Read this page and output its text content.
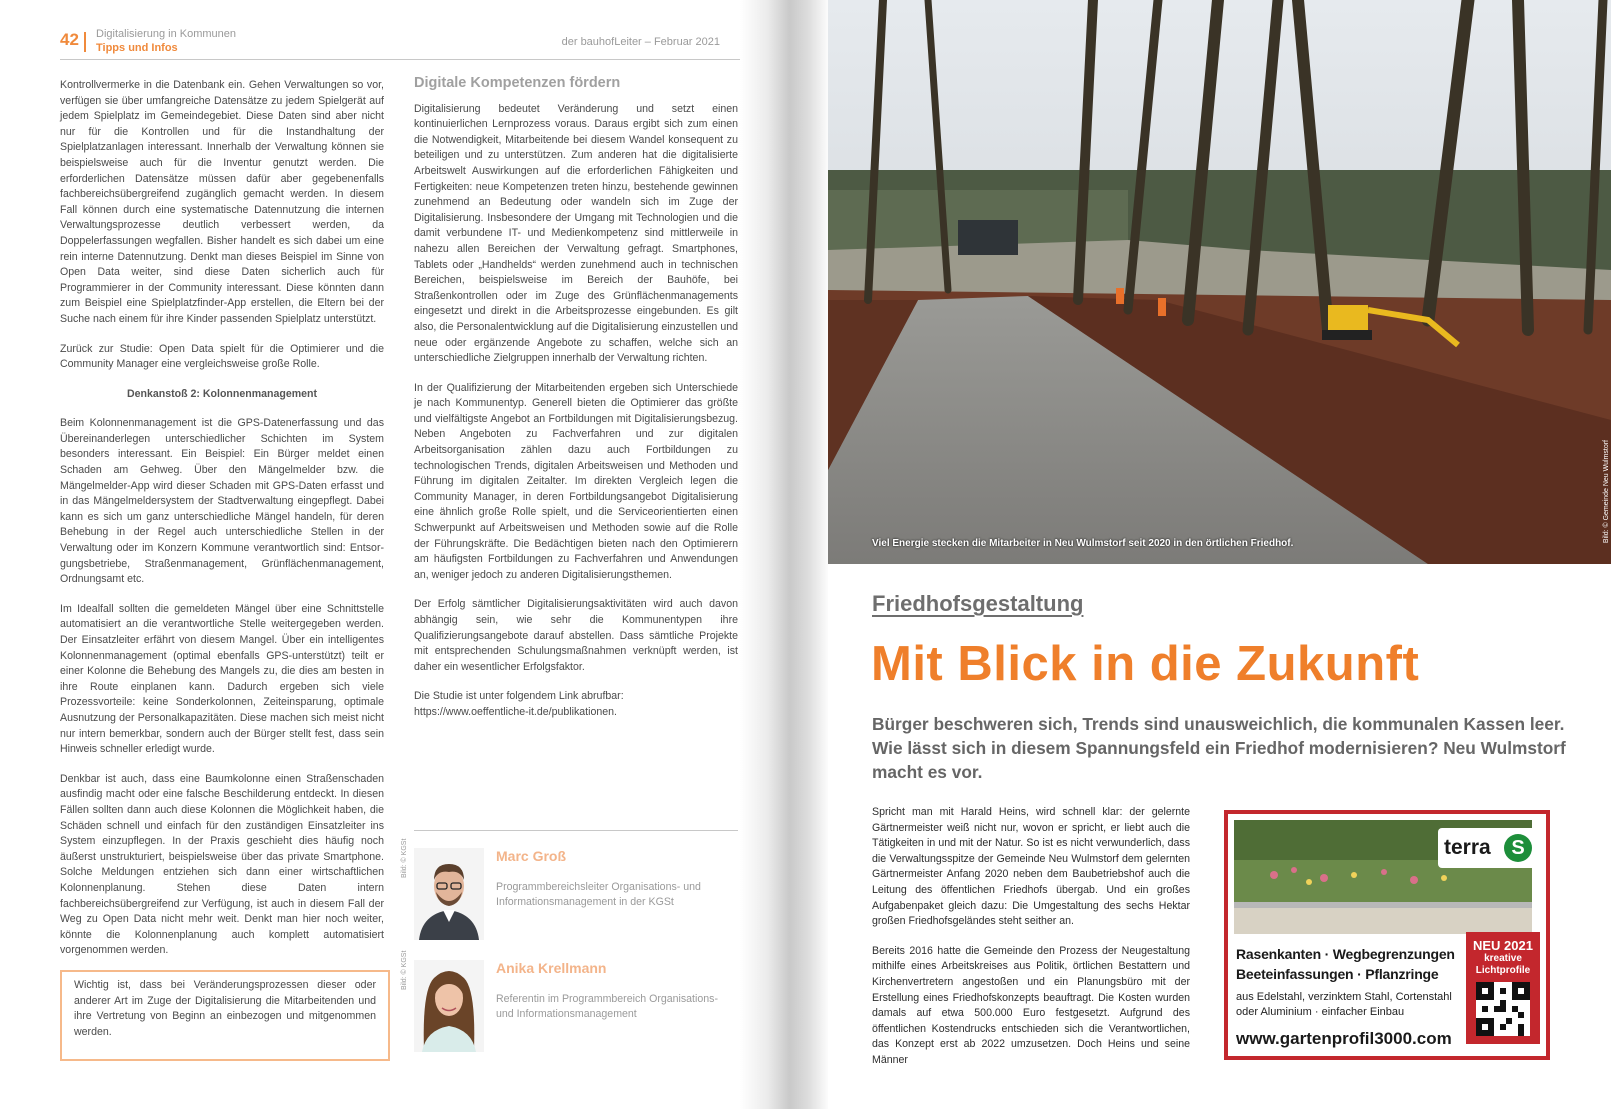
42 Digitalisierung in Kommunen
Tipps und Infos	der bauhofLeiter – Februar 2021

Kontrollvermerke in die Datenbank ein. Gehen Verwaltungen so vor, verfügen sie über umfangreiche Datensätze zu jedem Spielgerät auf jedem Spielplatz im Gemeindegebiet. Diese Daten sind aber nicht nur für die Kontrollen und für die Instandhaltung der Spielplatzanlagen interessant. Innerhalb der Verwaltung können sie beispielsweise auch für die Inventur genutzt werden. Die erforderlichen Datensätze müssen dafür aber gegebenenfalls fachbereichsübergreifend zugänglich gemacht werden. In diesem Fall können durch eine systematische Datennutzung die internen Verwaltungsprozesse deutlich verbessert werden, da Doppelerfassungen wegfallen. Bisher handelt es sich dabei um eine rein interne Datennutzung. Denkt man dieses Beispiel im Sinne von Open Data weiter, sind diese Daten sicherlich auch für Programmierer in der Community interessant. Diese könnten dann zum Beispiel eine Spielplatzfinder-App erstellen, die Eltern bei der Suche nach einem für ihre Kinder passenden Spielplatz unterstützt.

Zurück zur Studie: Open Data spielt für die Optimierer und die Community Manager eine vergleichsweise große Rolle.

Denkanstoß 2: Kolonnenmanagement

Beim Kolonnenmanagement ist die GPS-Datenerfassung und das Übereinanderlegen unterschiedlicher Schichten im System besonders interessant. Ein Beispiel: Ein Bürger meldet einen Schaden am Gehweg. Über den Mängelmelder bzw. die Mängelmelder-App wird dieser Schaden mit GPS-Daten erfasst und in das Mängelmeldersystem der Stadtverwaltung eingepflegt. Dabei kann es sich um ganz unterschiedliche Mängel handeln, für deren Behebung in der Regel auch unterschiedliche Stellen in der Verwaltung oder im Konzern Kommune verantwortlich sind: Entsor-gungsbetriebe, Straßenmanagement, Grünflächenmanagement, Ordnungsamt etc.

Im Idealfall sollten die gemeldeten Mängel über eine Schnittstelle automatisiert an die verantwortliche Stelle weitergegeben werden. Der Einsatzleiter erfährt von diesem Mangel. Über ein intelligentes Kolonnenmanagement (optimal ebenfalls GPS-unterstützt) teilt er einer Kolonne die Behebung des Mangels zu, die dies am besten in ihre Route einplanen kann. Dadurch ergeben sich viele Prozessvorteile: keine Sonderkolonnen, Zeiteinsparung, optimale Ausnutzung der Personalkapazitäten. Diese machen sich meist nicht nur intern bemerkbar, sondern auch der Bürger stellt fest, dass sein Hinweis schneller erledigt wurde.

Denkbar ist auch, dass eine Baumkolonne einen Straßenschaden ausfindig macht oder eine falsche Beschilderung entdeckt. In diesen Fällen sollten dann auch diese Kolonnen die Möglichkeit haben, die Schäden schnell und einfach für den zuständigen Einsatzleiter ins System einzupflegen. In der Praxis geschieht dies häufig noch äußerst unstrukturiert, beispielsweise über das private Smartphone. Solche Meldungen entziehen sich dann einer wirtschaftlichen Kolonnenplanung. Stehen diese Daten intern fachbereichsübergreifend zur Verfügung, ist auch in diesem Fall der Weg zu Open Data nicht mehr weit. Denkt man hier noch weiter, könnte die Kolonnenplanung auch komplett automatisiert vorgenommen werden.

Wichtig ist, dass bei Veränderungsprozessen dieser oder anderer Art im Zuge der Digitalisierung die Mitarbeitenden und ihre Vertretung von Beginn an einbezogen und mitgenommen werden.
Digitale Kompetenzen fördern

Digitalisierung bedeutet Veränderung und setzt einen kontinuierlichen Lernprozess voraus. Daraus ergibt sich zum einen die Notwendigkeit, Mitarbeitende bei diesem Wandel konsequent zu beteiligen und zu unterstützen. Zum anderen hat die digitalisierte Arbeitswelt Auswirkungen auf die erforderlichen Fähigkeiten und Fertigkeiten: neue Kompetenzen treten hinzu, bestehende gewinnen zunehmend an Bedeutung oder wandeln sich im Zuge der Digitalisierung. Insbesondere der Umgang mit Technologien und die damit verbundene IT- und Medienkompetenz sind mittlerweile in nahezu allen Bereichen der Verwaltung gefragt. Smartphones, Tablets oder „Handhelds“ werden zunehmend auch in technischen Bereichen, beispielsweise im Bereich der Bauhöfe, bei Straßenkontrollen oder im Zuge des Grünflächenmanagements eingesetzt und direkt in die Arbeitsprozesse eingebunden. Es gilt also, die Personalentwicklung auf die Digitalisierung einzustellen und neue oder ergänzende Angebote zu schaffen, welche sich an unterschiedliche Zielgruppen innerhalb der Verwaltung richten.

In der Qualifizierung der Mitarbeitenden ergeben sich Unterschiede je nach Kommunentyp. Generell bieten die Optimierer das größte und vielfältigste Angebot an Fortbildungen mit Digitalisierungsbezug. Neben Angeboten zu Fachverfahren und zur digitalen Arbeitsorganisation zählen dazu auch Fortbildungen zu technologischen Trends, digitalen Arbeitsweisen und Methoden und Führung im digitalen Zeitalter. Im direkten Vergleich legen die Community Manager, in deren Fortbildungsangebot Digitalisierung eine ähnlich große Rolle spielt, und die Serviceorientierten einen Schwerpunkt auf Arbeitsweisen und Methoden sowie auf die Rolle der Führungskräfte. Die Bedächtigen bieten nach den Optimierern am häufigsten Fortbildungen zu Fachverfahren und Anwendungen an, weniger jedoch zu anderen Digitalisierungsthemen.

Der Erfolg sämtlicher Digitalisierungsaktivitäten wird auch davon abhängig sein, wie sehr die Kommunentypen ihre Qualifizierungsangebote darauf abstellen. Dass sämtliche Projekte mit entsprechenden Schulungsmaßnahmen verknüpft werden, ist daher ein wesentlicher Erfolgsfaktor.

Die Studie ist unter folgendem Link abrufbar:

https://www.oeffentliche-it.de/publikationen.

Bild: © KGSt	Marc Groß
Programmbereichsleiter Organisations- und Informationsmanagement in der KGSt
Bild: © KGSt	Anika Krellmann
Referentin im Programmbereich Organisations- und Informationsmanagement
Viel Energie stecken die Mitarbeiter in Neu Wulmstorf seit 2020 in den örtlichen Friedhof.
Bild: © Gemeinde Neu Wulmstorf
Friedhofsgestaltung
Mit Blick in die Zukunft
Bürger beschweren sich, Trends sind unausweichlich, die kommunalen Kassen leer. Wie lässt sich in diesem Spannungsfeld ein Friedhof modernisieren? Neu Wulmstorf macht es vor.

Spricht man mit Harald Heins, wird schnell klar: der gelernte Gärtnermeister weiß nicht nur, wovon er spricht, er liebt auch die Tätigkeiten in und mit der Natur. So ist es nicht verwunderlich, dass die Verwaltungsspitze der Gemeinde Neu Wulmstorf dem gelernten Gärtnermeister Anfang 2020 neben dem Baubetriebshof auch die Leitung des öffentlichen Friedhofs übergab. Und ein großes Aufgabenpaket gleich dazu: Die Umgestaltung des sechs Hektar großen Friedhofsgeländes steht seither an.

Bereits 2016 hatte die Gemeinde den Prozess der Neugestaltung mithilfe eines Arbeitskreises aus Politik, örtlichen Bestattern und Kirchenvertretern angestoßen und ein Planungsbüro mit der Erstellung eines Friedhofskonzepts beauftragt. Die Kosten wurden damals auf etwa 500.000 Euro festgesetzt. Aufgrund des öffentlichen Kostendrucks entschieden sich die Verantwortlichen, das Konzept erst ab 2022 umzusetzen. Doch Heins und seine Männer

terra	S
Rasenkanten · Wegbegrenzungen
Beeteinfassungen · Pflanzringe
aus Edelstahl, verzinktem Stahl, Cortenstahl oder Aluminium · einfacher Einbau
www.gartenprofil3000.com
NEU 2021
kreative Lichtprofile
